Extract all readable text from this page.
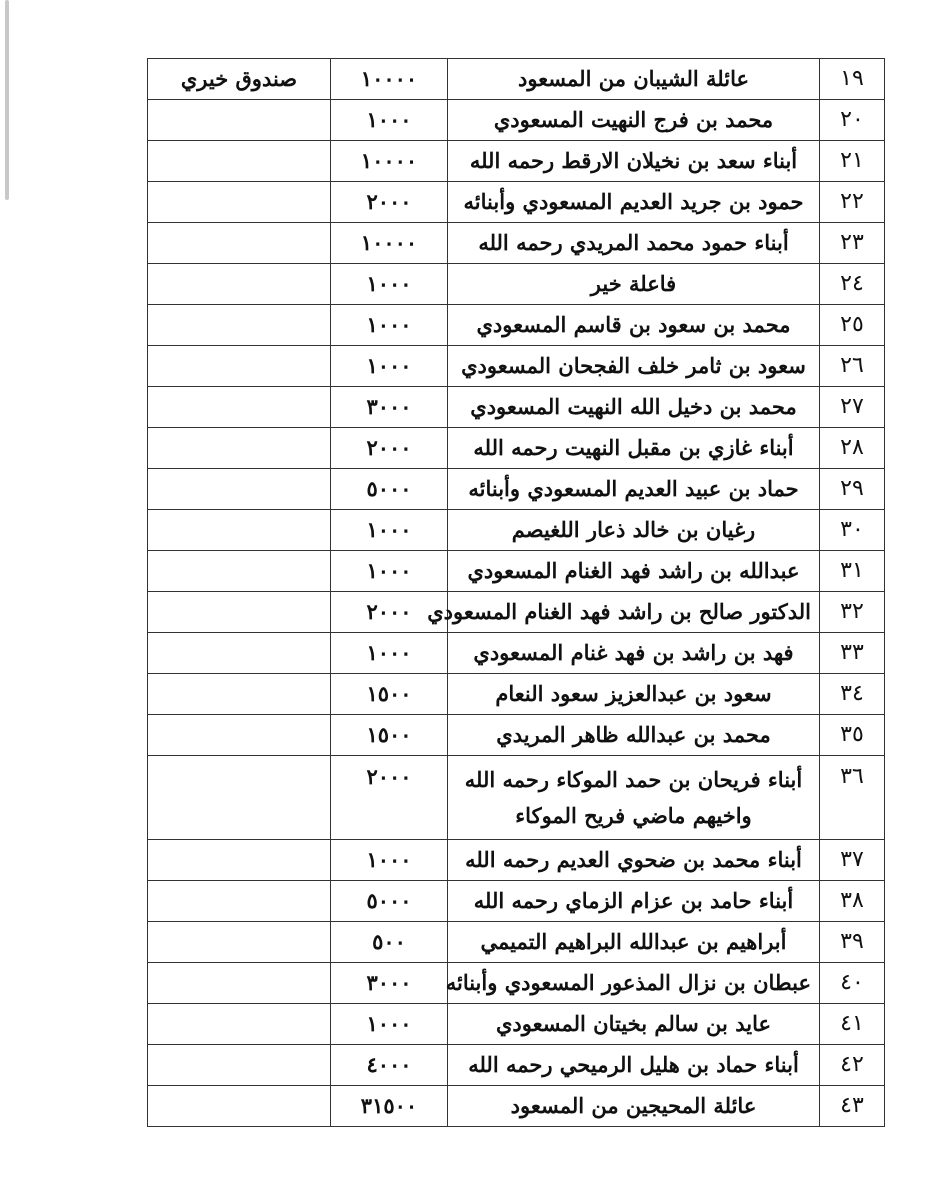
١٩	عائلة الشيبان من المسعود	١٠٠٠٠	صندوق خيري
٢٠	محمد بن فرج النهيت المسعودي	١٠٠٠	
٢١	أبناء سعد بن نخيلان الارقط رحمه الله	١٠٠٠٠	
٢٢	حمود بن جريد العديم المسعودي وأبنائه	٢٠٠٠	
٢٣	أبناء حمود محمد المريدي رحمه الله	١٠٠٠٠	
٢٤	فاعلة خير	١٠٠٠	
٢٥	محمد بن سعود بن قاسم المسعودي	١٠٠٠	
٢٦	سعود بن ثامر خلف الفجحان المسعودي	١٠٠٠	
٢٧	محمد بن دخيل الله النهيت المسعودي	٣٠٠٠	
٢٨	أبناء غازي بن مقبل النهيت رحمه الله	٢٠٠٠	
٢٩	حماد بن عبيد العديم المسعودي وأبنائه	٥٠٠٠	
٣٠	رغيان بن خالد ذعار اللغيصم	١٠٠٠	
٣١	عبدالله بن راشد فهد الغنام المسعودي	١٠٠٠	
٣٢	الدكتور صالح بن راشد فهد الغنام المسعودي	٢٠٠٠	
٣٣	فهد بن راشد بن فهد غنام المسعودي	١٠٠٠	
٣٤	سعود بن عبدالعزيز سعود النعام	١٥٠٠	
٣٥	محمد بن عبدالله ظاهر المريدي	١٥٠٠	
٣٦	أبناء فريحان بن حمد الموكاء رحمه الله واخيهم ماضي فريح الموكاء	٢٠٠٠	
٣٧	أبناء محمد بن ضحوي العديم رحمه الله	١٠٠٠	
٣٨	أبناء حامد بن عزام الزماي رحمه الله	٥٠٠٠	
٣٩	أبراهيم بن عبدالله البراهيم التميمي	٥٠٠	
٤٠	عبطان بن نزال المذعور المسعودي وأبنائه	٣٠٠٠	
٤١	عايد بن سالم بخيتان المسعودي	١٠٠٠	
٤٢	أبناء حماد بن هليل الرميحي رحمه الله	٤٠٠٠	
٤٣	عائلة المحيجين من المسعود	٣١٥٠٠	
